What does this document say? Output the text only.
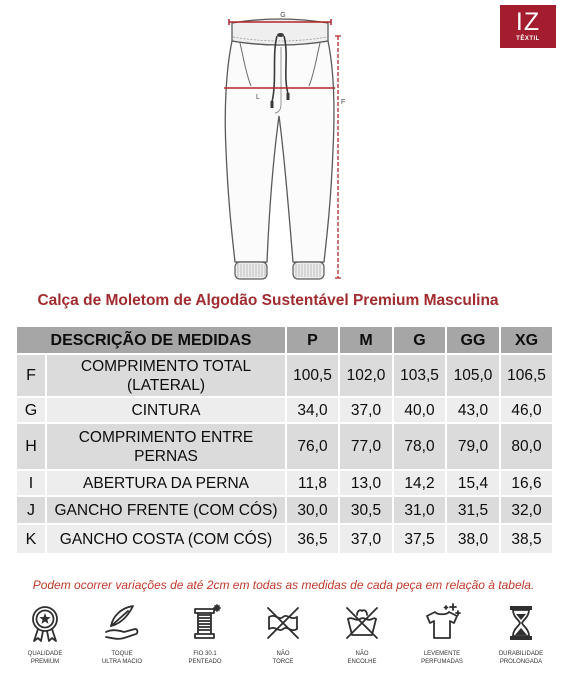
G
L
F
IZ
TÊXTIL
Calça de Moletom de Algodão Sustentável Premium Masculina
DESCRIÇÃO DE MEDIDAS		P	M	G	GG	XG
F	COMPRIMENTO TOTAL (LATERAL)	100,5	102,0	103,5	105,0	106,5
G	CINTURA	34,0	37,0	40,0	43,0	46,0
H	COMPRIMENTO ENTRE PERNAS	76,0	77,0	78,0	79,0	80,0
I	ABERTURA DA PERNA	11,8	13,0	14,2	15,4	16,6
J	GANCHO FRENTE (COM CÓS)	30,0	30,5	31,0	31,5	32,0
K	GANCHO COSTA (COM CÓS)	36,5	37,0	37,5	38,0	38,5
Podem ocorrer variações de até 2cm em todas as medidas de cada peça em relação à tabela.
QUALIDADE
PREMIUM
TOQUE
ULTRA MACIO
FIO 30.1
PENTEADO
NÃO
TORCE
NÃO
ENCOLHE
LEVEMENTE
PERFUMADAS
DURABILIDADE
PROLONGADA
